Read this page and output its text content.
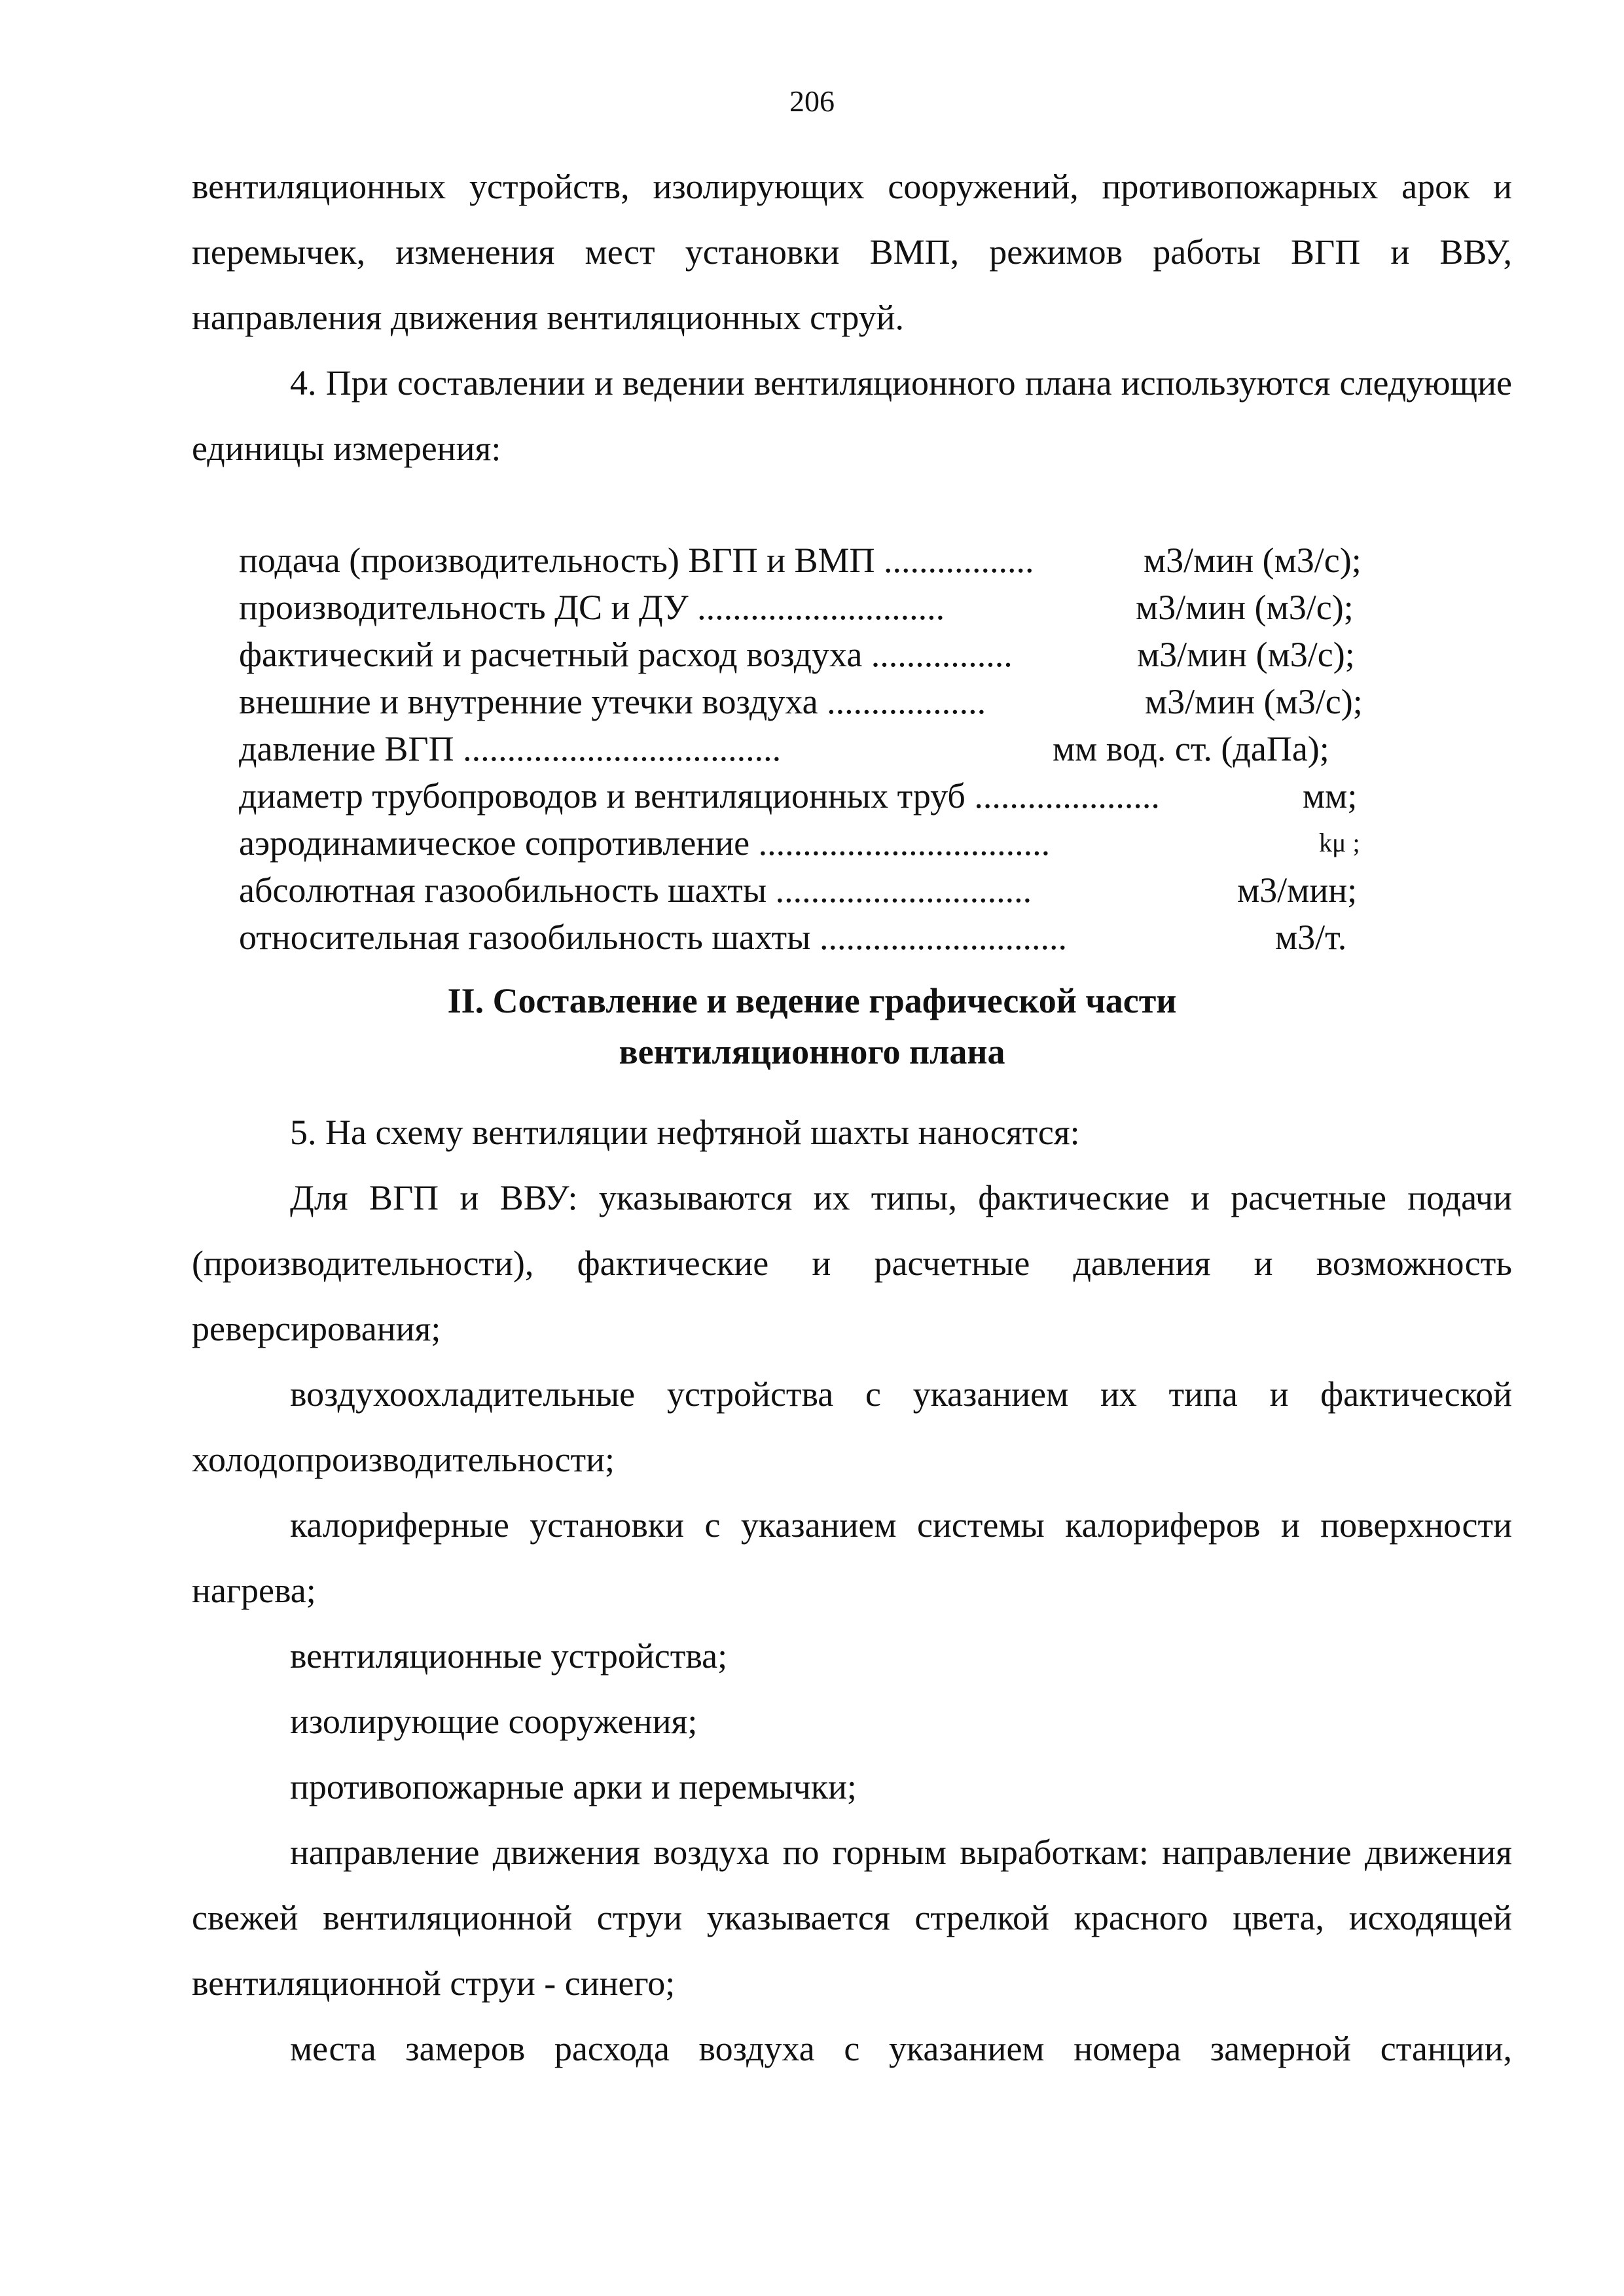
206

вентиляционных устройств, изолирующих сооружений, противопожарных арок и перемычек, изменения мест установки ВМП, режимов работы ВГП и ВВУ, направления движения вентиляционных струй.

4. При составлении и ведении вентиляционного плана используются следующие единицы измерения:

подача (производительность) ВГП и ВМП .................	м3/мин (м3/с);
производительность ДС и ДУ ............................	м3/мин (м3/с);
фактический и расчетный расход воздуха ................	м3/мин (м3/с);
внешние и внутренние утечки воздуха ..................	м3/мин (м3/с);
давление ВГП ....................................	мм вод. ст. (даПа);
диаметр трубопроводов и вентиляционных труб .....................	мм;
аэродинамическое сопротивление .................................	kμ ;
абсолютная газообильность шахты .............................	м3/мин;
относительная газообильность шахты ............................	м3/т.

II. Составление и ведение графической части

вентиляционного плана

5. На схему вентиляции нефтяной шахты наносятся:

Для ВГП и ВВУ: указываются их типы, фактические и расчетные подачи (производительности), фактические и расчетные давления и возможность реверсирования;

воздухоохладительные устройства с указанием их типа и фактической холодопроизводительности;

калориферные установки с указанием системы калориферов и поверхности нагрева;

вентиляционные устройства;

изолирующие сооружения;

противопожарные арки и перемычки;

направление движения воздуха по горным выработкам: направление движения свежей вентиляционной струи указывается стрелкой красного цвета, исходящей вентиляционной струи - синего;

места замеров расхода воздуха с указанием номера замерной станции,
